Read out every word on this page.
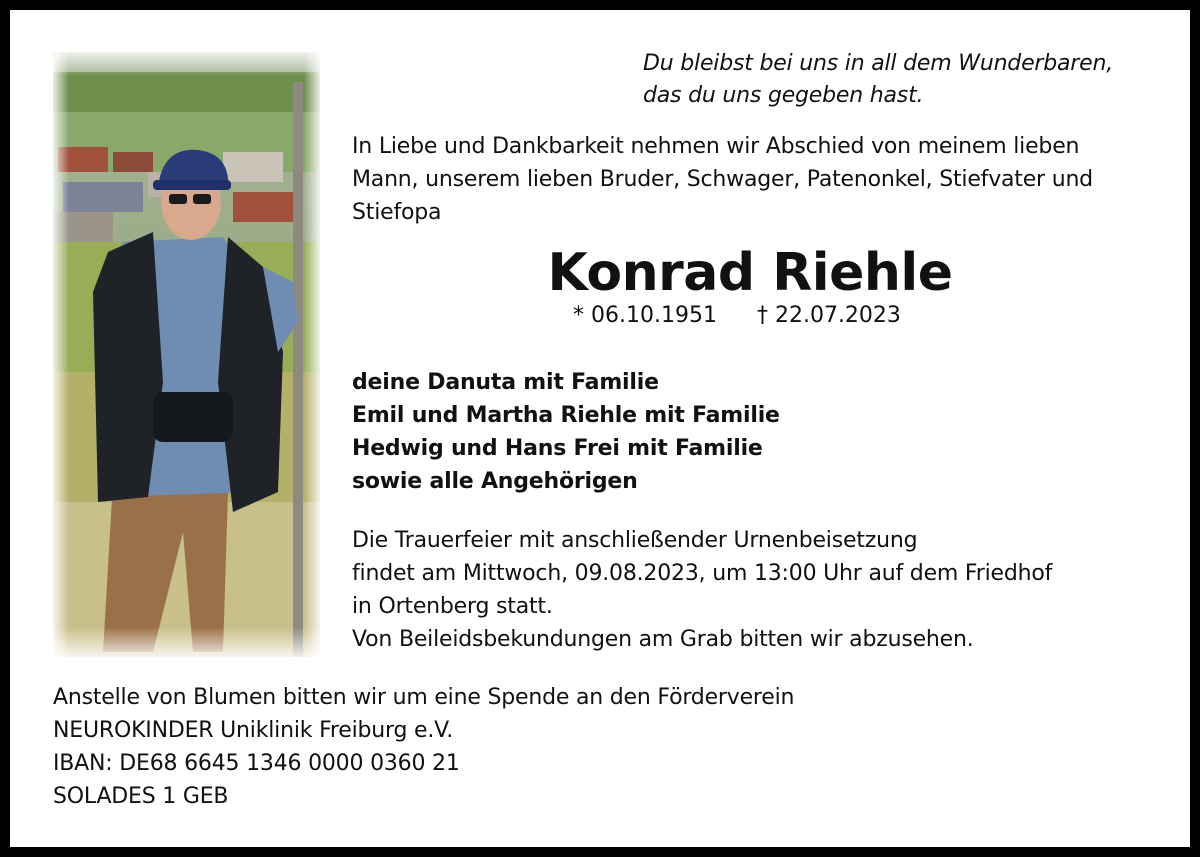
Du bleibst bei uns in all dem Wunderbaren,
das du uns gegeben hast.
In Liebe und Dankbarkeit nehmen wir Abschied von meinem lieben
Mann, unserem lieben Bruder, Schwager, Patenonkel, Stiefvater und
Stiefopa
Konrad Riehle
* 06.10.1951 † 22.07.2023
deine Danuta mit Familie
Emil und Martha Riehle mit Familie
Hedwig und Hans Frei mit Familie
sowie alle Angehörigen
Die Trauerfeier mit anschließender Urnenbeisetzung
findet am Mittwoch, 09.08.2023, um 13:00 Uhr auf dem Friedhof
in Ortenberg statt.
Von Beileidsbekundungen am Grab bitten wir abzusehen.
Anstelle von Blumen bitten wir um eine Spende an den Förderverein
NEUROKINDER Uniklinik Freiburg e.V.
IBAN: DE68 6645 1346 0000 0360 21
SOLADES 1 GEB
